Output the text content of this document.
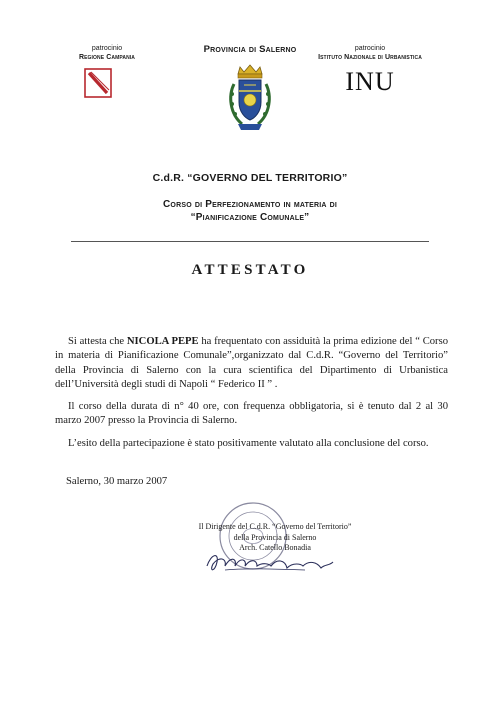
patrocinio
Regione Campania
Provincia di Salerno	patrocinio
Istituto Nazionale di Urbanistica
INU
C.d.R. “GOVERNO DEL TERRITORIO”
Corso di Perfezionamento in materia di
“Pianificazione Comunale”
ATTESTATO

Si attesta che NICOLA PEPE ha frequentato con assiduità la prima edizione del “ Corso in materia di Pianificazione Comunale”,organizzato dal C.d.R. “Governo del Territorio” della Provincia di Salerno con la cura scientifica del Dipartimento di Urbanistica dell’Università degli studi di Napoli “ Federico II ” .

Il corso della durata di n° 40 ore, con frequenza obbligatoria, si è tenuto dal 2 al 30 marzo 2007 presso la Provincia di Salerno.

L’esito della partecipazione è stato positivamente valutato alla conclusione del corso.

Salerno, 30 marzo 2007
Il Dirigente del C.d.R. “Governo del Territorio”
della Provincia di Salerno
Arch. Catello Bonadia
